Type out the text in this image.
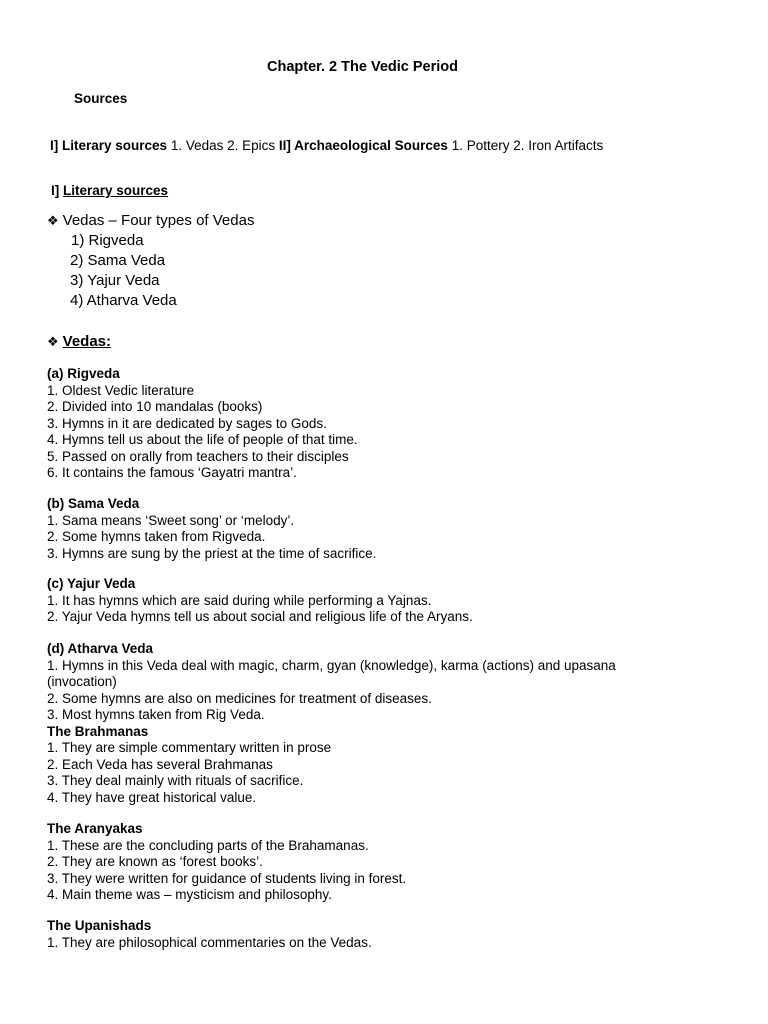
Chapter. 2 The Vedic Period
Sources
I] Literary sources 1. Vedas 2. Epics II] Archaeological Sources 1. Pottery 2. Iron Artifacts
I] Literary sources
❖ Vedas – Four types of Vedas
1) Rigveda
2) Sama Veda
3) Yajur Veda
4) Atharva Veda
❖ Vedas:
(a) Rigveda
1. Oldest Vedic literature
2. Divided into 10 mandalas (books)
3. Hymns in it are dedicated by sages to Gods.
4. Hymns tell us about the life of people of that time.
5. Passed on orally from teachers to their disciples
6. It contains the famous ‘Gayatri mantra’.
(b) Sama Veda
1. Sama means ‘Sweet song’ or ‘melody’.
2. Some hymns taken from Rigveda.
3. Hymns are sung by the priest at the time of sacrifice.
(c) Yajur Veda
1. It has hymns which are said during while performing a Yajnas.
2. Yajur Veda hymns tell us about social and religious life of the Aryans.
(d) Atharva Veda
1. Hymns in this Veda deal with magic, charm, gyan (knowledge), karma (actions) and upasana (invocation)
2. Some hymns are also on medicines for treatment of diseases.
3. Most hymns taken from Rig Veda.
The Brahmanas
1. They are simple commentary written in prose
2. Each Veda has several Brahmanas
3. They deal mainly with rituals of sacrifice.
4. They have great historical value.
The Aranyakas
1. These are the concluding parts of the Brahamanas.
2. They are known as ‘forest books’.
3. They were written for guidance of students living in forest.
4. Main theme was – mysticism and philosophy.
The Upanishads
1. They are philosophical commentaries on the Vedas.
